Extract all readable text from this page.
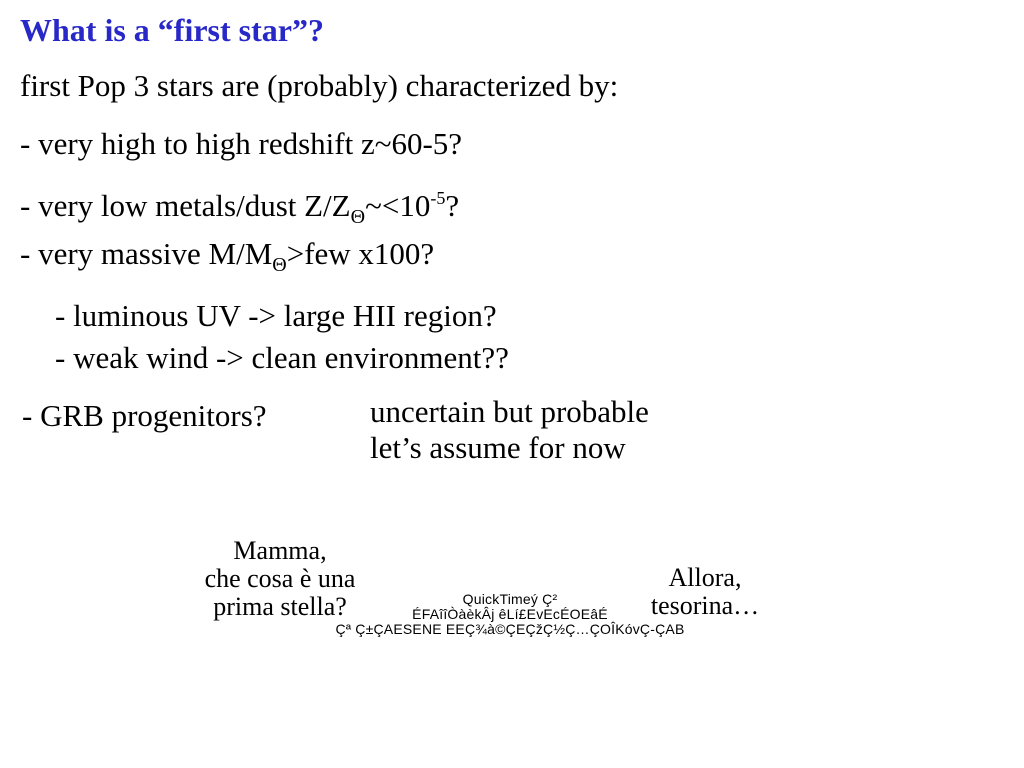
What is a “first star”?
first Pop 3 stars are (probably) characterized by:
- very high to high redshift z~60-5?
- very low metals/dust $Z/Z_\Theta\sim<10^{-5}$?
- very massive $M/M_\Theta>few$ x100?
- luminous UV -> large HII region?
- weak wind -> clean environment??
- GRB progenitors?	uncertain but probable
let’s assume for now
Mamma,
che cosa è una
prima stella?	QuickTimeý Ç²
ÉFAîîÒàèkÂj êLí£EvEcÉOEâÉ
Çª Ç±ÇAESENE EEÇ¾à©ÇEÇžÇ½Ç…ÇOÎKóvÇ-ÇAB
Allora,
tesorina…
